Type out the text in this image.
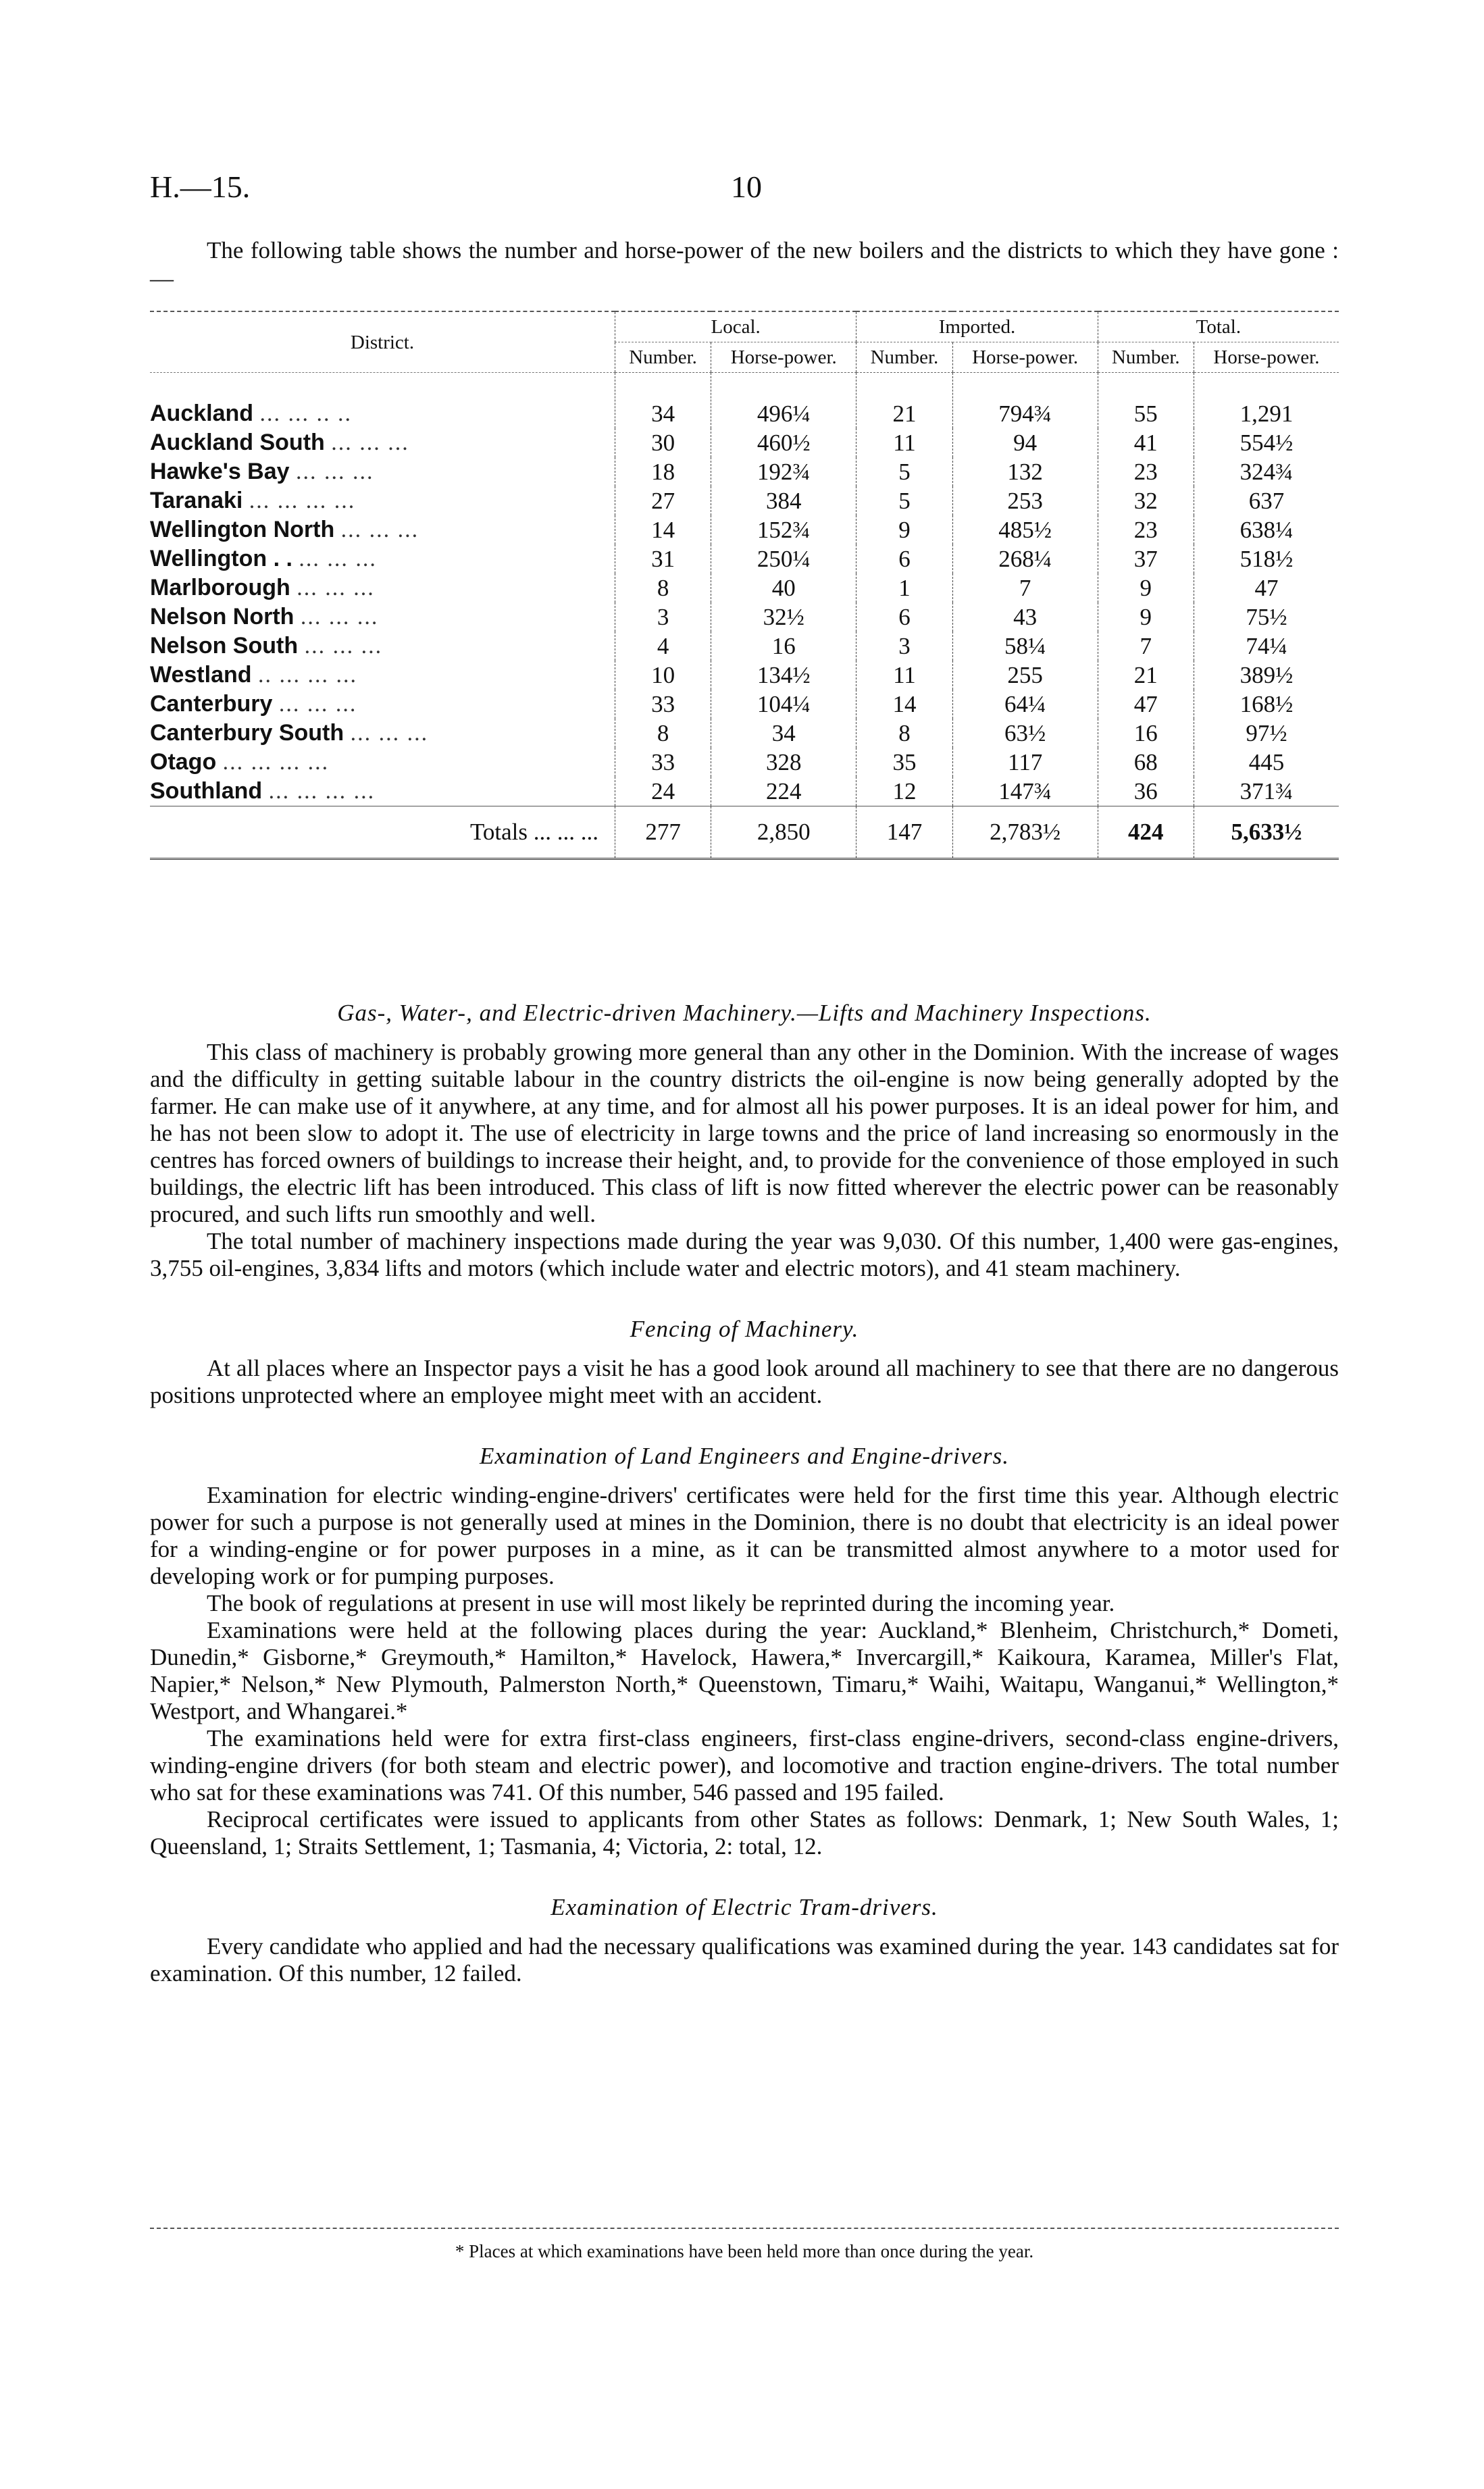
H.—15.	10
The following table shows the number and horse-power of the new boilers and the districts to which they have gone :—
District.	Local.		Imported.		Total.	
	Number.	Horse-power.	Number.	Horse-power.	Number.	Horse-power.
Auckland ... ... .. ..	34	496¼	21	794¾	55	1,291
Auckland South ... ... ...	30	460½	11	94	41	554½
Hawke's Bay ... ... ...	18	192¾	5	132	23	324¾
Taranaki ... ... ... ...	27	384	5	253	32	637
Wellington North ... ... ...	14	152¾	9	485½	23	638¼
Wellington . . ... ... ...	31	250¼	6	268¼	37	518½
Marlborough ... ... ...	8	40	1	7	9	47
Nelson North ... ... ...	3	32½	6	43	9	75½
Nelson South ... ... ...	4	16	3	58¼	7	74¼
Westland .. ... ... ...	10	134½	11	255	21	389½
Canterbury ... ... ...	33	104¼	14	64¼	47	168½
Canterbury South ... ... ...	8	34	8	63½	16	97½
Otago ... ... ... ...	33	328	35	117	68	445
Southland ... ... ... ...	24	224	12	147¾	36	371¾
Totals ... ... ...	277	2,850	147	2,783½	424	5,633½
Gas-, Water-, and Electric-driven Machinery.—Lifts and Machinery Inspections.

This class of machinery is probably growing more general than any other in the Dominion. With the increase of wages and the difficulty in getting suitable labour in the country districts the oil-engine is now being generally adopted by the farmer. He can make use of it anywhere, at any time, and for almost all his power purposes. It is an ideal power for him, and he has not been slow to adopt it. The use of electricity in large towns and the price of land increasing so enormously in the centres has forced owners of buildings to increase their height, and, to provide for the convenience of those employed in such buildings, the electric lift has been introduced. This class of lift is now fitted wherever the electric power can be reasonably procured, and such lifts run smoothly and well.

The total number of machinery inspections made during the year was 9,030. Of this number, 1,400 were gas-engines, 3,755 oil-engines, 3,834 lifts and motors (which include water and electric motors), and 41 steam machinery.

Fencing of Machinery.

At all places where an Inspector pays a visit he has a good look around all machinery to see that there are no dangerous positions unprotected where an employee might meet with an accident.

Examination of Land Engineers and Engine-drivers.

Examination for electric winding-engine-drivers' certificates were held for the first time this year. Although electric power for such a purpose is not generally used at mines in the Dominion, there is no doubt that electricity is an ideal power for a winding-engine or for power purposes in a mine, as it can be transmitted almost anywhere to a motor used for developing work or for pumping purposes.

The book of regulations at present in use will most likely be reprinted during the incoming year.

Examinations were held at the following places during the year: Auckland,* Blenheim, Christchurch,* Dometi, Dunedin,* Gisborne,* Greymouth,* Hamilton,* Havelock, Hawera,* Invercargill,* Kaikoura, Karamea, Miller's Flat, Napier,* Nelson,* New Plymouth, Palmerston North,* Queenstown, Timaru,* Waihi, Waitapu, Wanganui,* Wellington,* Westport, and Whangarei.*

The examinations held were for extra first-class engineers, first-class engine-drivers, second-class engine-drivers, winding-engine drivers (for both steam and electric power), and locomotive and traction engine-drivers. The total number who sat for these examinations was 741. Of this number, 546 passed and 195 failed.

Reciprocal certificates were issued to applicants from other States as follows: Denmark, 1; New South Wales, 1; Queensland, 1; Straits Settlement, 1; Tasmania, 4; Victoria, 2: total, 12.

Examination of Electric Tram-drivers.

Every candidate who applied and had the necessary qualifications was examined during the year. 143 candidates sat for examination. Of this number, 12 failed.

* Places at which examinations have been held more than once during the year.
